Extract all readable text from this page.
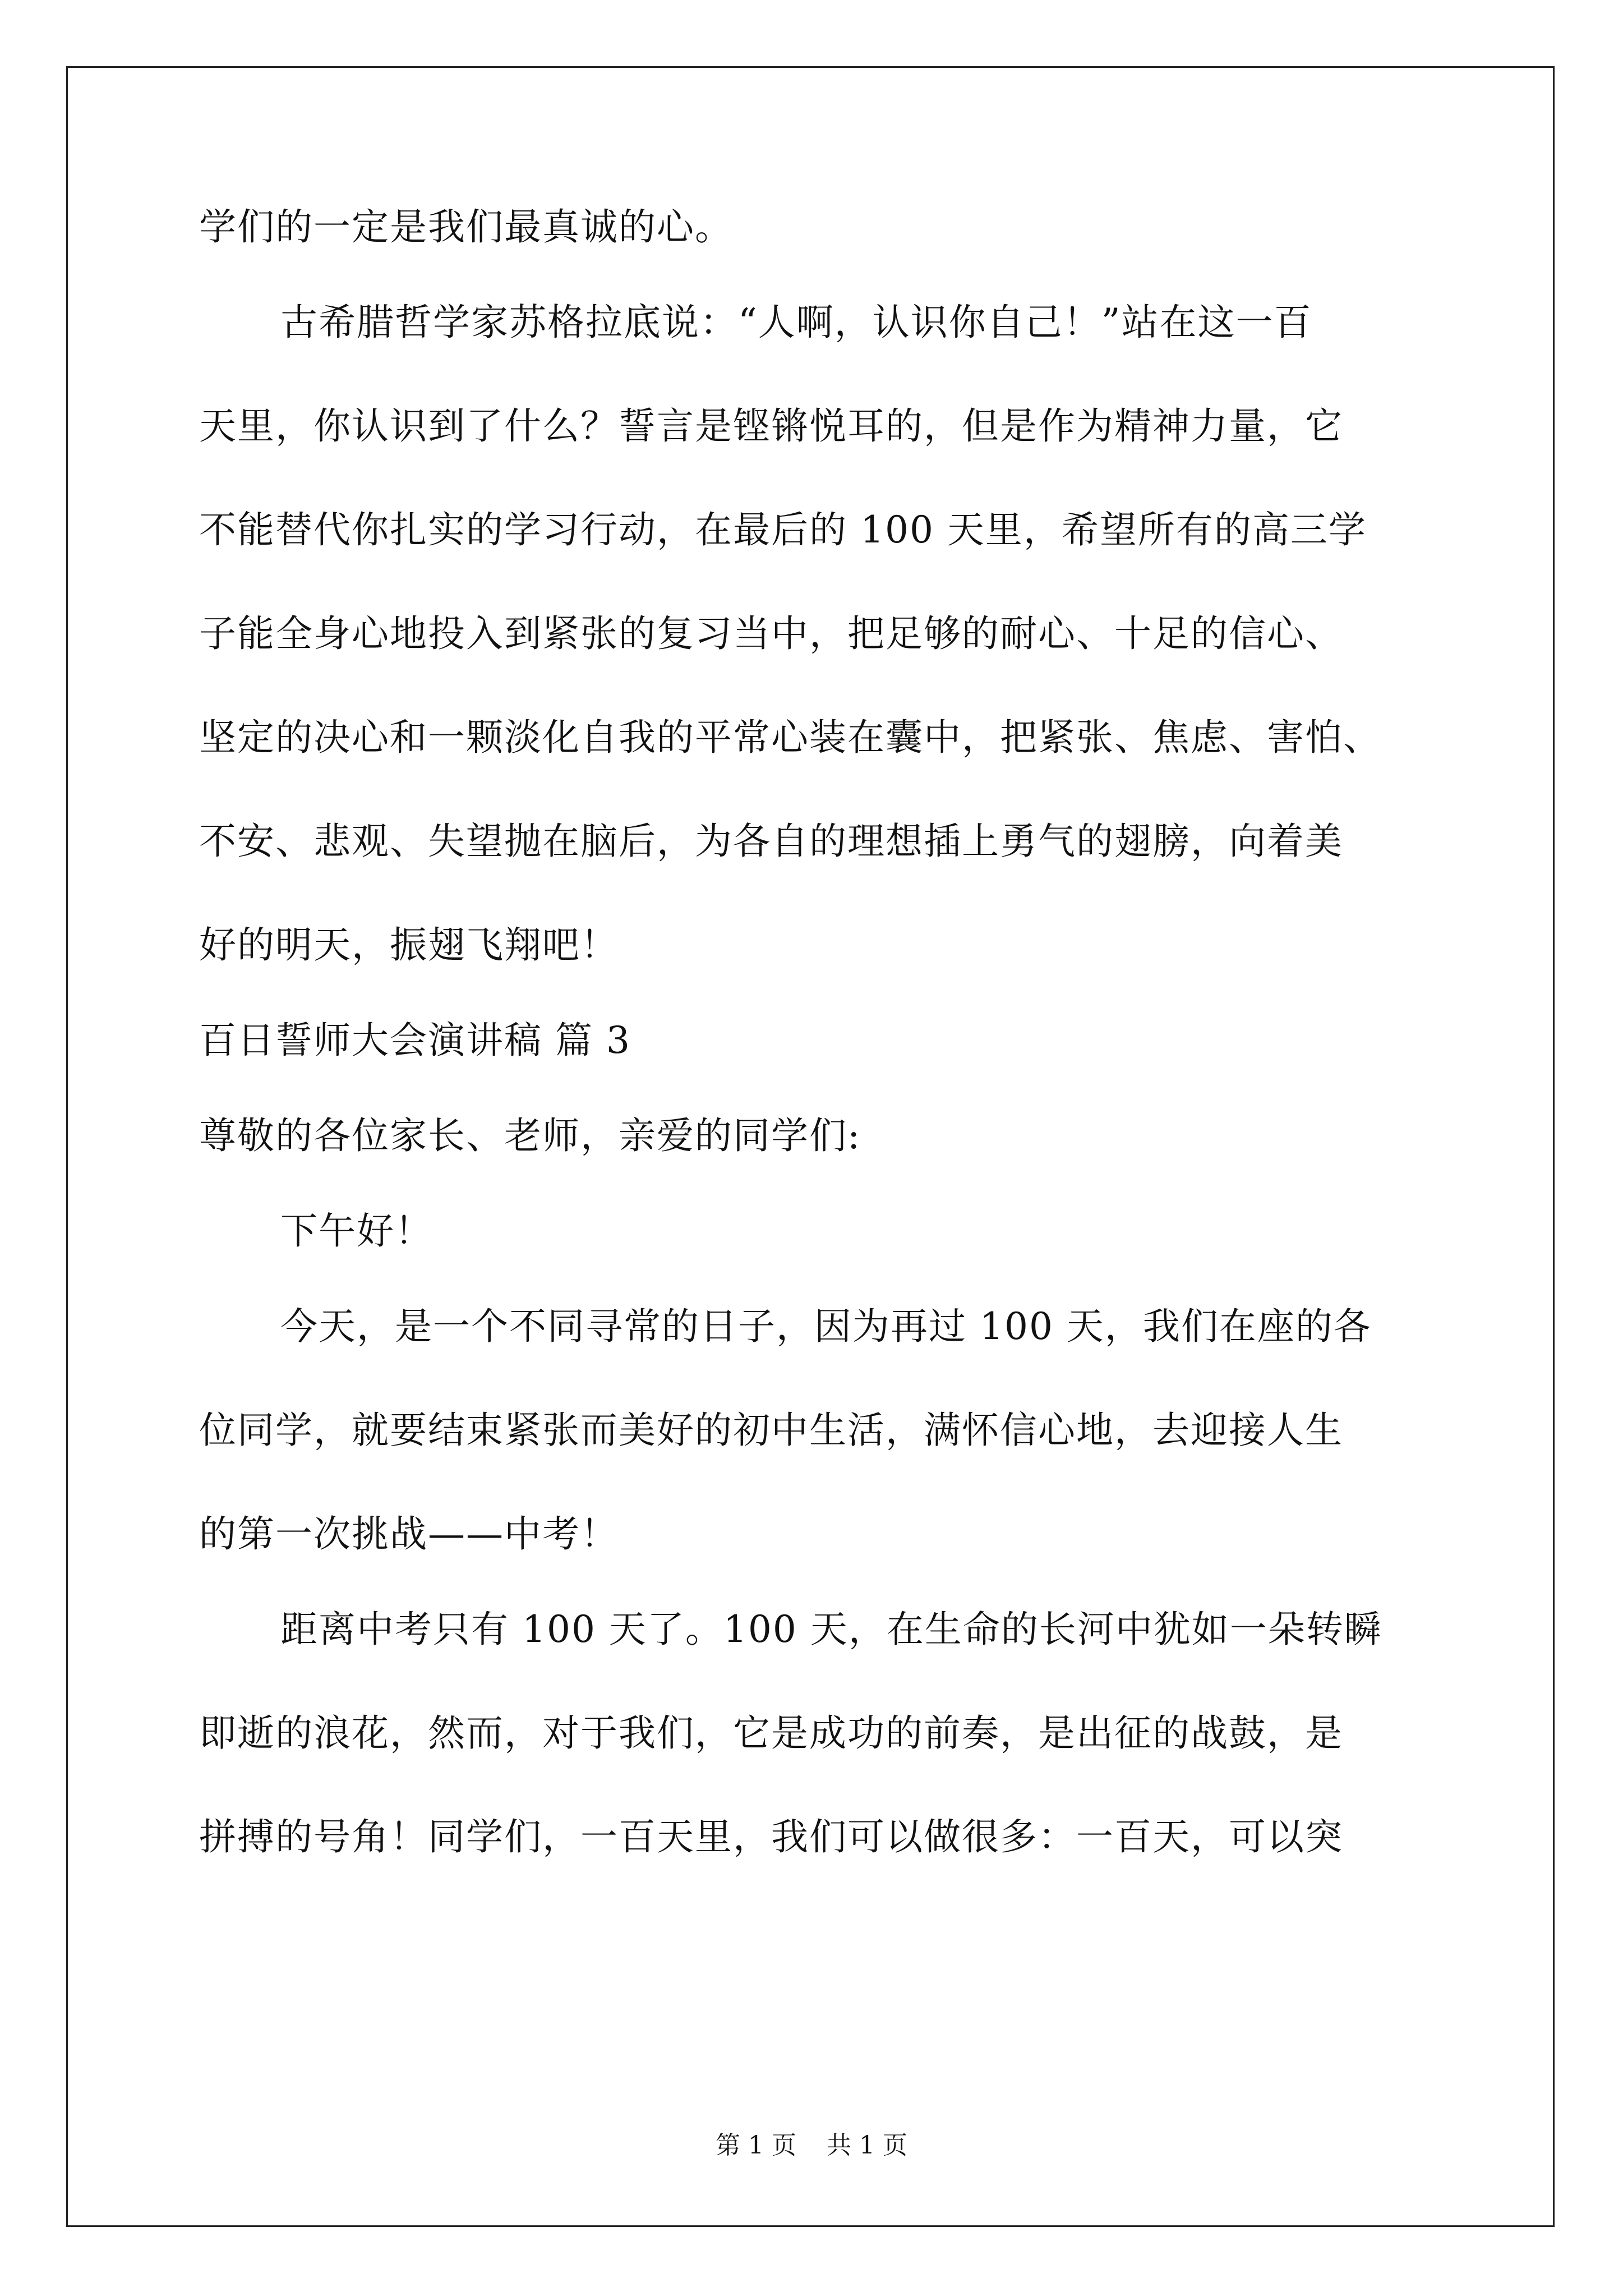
学们的一定是我们最真诚的心。
古希腊哲学家苏格拉底说：“人啊，认识你自己！”站在这一百
天里，你认识到了什么？誓言是铿锵悦耳的，但是作为精神力量，它
不能替代你扎实的学习行动，在最后的 100 天里，希望所有的高三学
子能全身心地投入到紧张的复习当中，把足够的耐心、十足的信心、
坚定的决心和一颗淡化自我的平常心装在囊中，把紧张、焦虑、害怕、
不安、悲观、失望抛在脑后，为各自的理想插上勇气的翅膀，向着美
好的明天，振翅飞翔吧！
百日誓师大会演讲稿 篇 3
尊敬的各位家长、老师，亲爱的同学们:
下午好！
今天，是一个不同寻常的日子，因为再过 100 天，我们在座的各
位同学，就要结束紧张而美好的初中生活，满怀信心地，去迎接人生
的第一次挑战——中考！
距离中考只有 100 天了。100 天，在生命的长河中犹如一朵转瞬
即逝的浪花，然而，对于我们，它是成功的前奏，是出征的战鼓，是
拼搏的号角！同学们，一百天里，我们可以做很多：一百天，可以突
第 1 页 共 1 页
